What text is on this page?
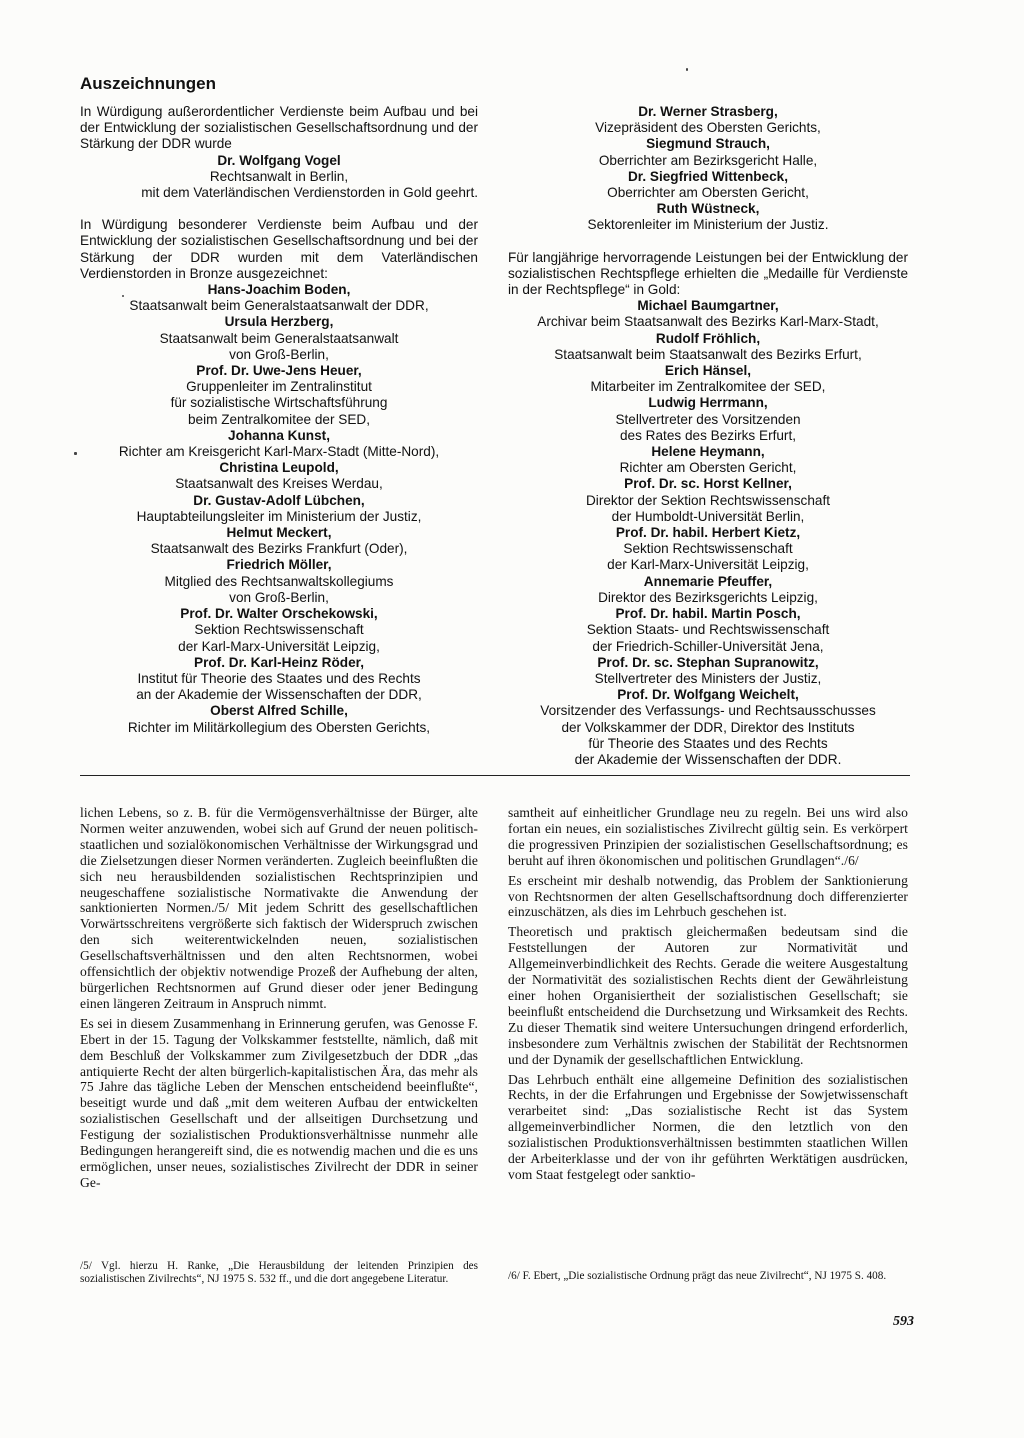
Auszeichnungen

In Würdigung außerordentlicher Verdienste beim Aufbau und bei der Entwicklung der sozialistischen Gesellschaftsordnung und der Stärkung der DDR wurde

Dr. Wolfgang Vogel

Rechtsanwalt in Berlin,

mit dem Vaterländischen Verdienstorden in Gold geehrt.

In Würdigung besonderer Verdienste beim Aufbau und der Entwicklung der sozialistischen Gesellschaftsordnung und bei der Stärkung der DDR wurden mit dem Vaterländischen Verdienstorden in Bronze ausgezeichnet:

Hans-Joachim Boden,

Staatsanwalt beim Generalstaatsanwalt der DDR,

Ursula Herzberg,

Staatsanwalt beim Generalstaatsanwalt

von Groß-Berlin,

Prof. Dr. Uwe-Jens Heuer,

Gruppenleiter im Zentralinstitut

für sozialistische Wirtschaftsführung

beim Zentralkomitee der SED,

Johanna Kunst,

Richter am Kreisgericht Karl-Marx-Stadt (Mitte-Nord),

Christina Leupold,

Staatsanwalt des Kreises Werdau,

Dr. Gustav-Adolf Lübchen,

Hauptabteilungsleiter im Ministerium der Justiz,

Helmut Meckert,

Staatsanwalt des Bezirks Frankfurt (Oder),

Friedrich Möller,

Mitglied des Rechtsanwaltskollegiums

von Groß-Berlin,

Prof. Dr. Walter Orschekowski,

Sektion Rechtswissenschaft

der Karl-Marx-Universität Leipzig,

Prof. Dr. Karl-Heinz Röder,

Institut für Theorie des Staates und des Rechts

an der Akademie der Wissenschaften der DDR,

Oberst Alfred Schille,

Richter im Militärkollegium des Obersten Gerichts,

Dr. Werner Strasberg,

Vizepräsident des Obersten Gerichts,

Siegmund Strauch,

Oberrichter am Bezirksgericht Halle,

Dr. Siegfried Wittenbeck,

Oberrichter am Obersten Gericht,

Ruth Wüstneck,

Sektorenleiter im Ministerium der Justiz.

Für langjährige hervorragende Leistungen bei der Entwicklung der sozialistischen Rechtspflege erhielten die „Medaille für Verdienste in der Rechtspflege“ in Gold:

Michael Baumgartner,

Archivar beim Staatsanwalt des Bezirks Karl-Marx-Stadt,

Rudolf Fröhlich,

Staatsanwalt beim Staatsanwalt des Bezirks Erfurt,

Erich Hänsel,

Mitarbeiter im Zentralkomitee der SED,

Ludwig Herrmann,

Stellvertreter des Vorsitzenden

des Rates des Bezirks Erfurt,

Helene Heymann,

Richter am Obersten Gericht,

Prof. Dr. sc. Horst Kellner,

Direktor der Sektion Rechtswissenschaft

der Humboldt-Universität Berlin,

Prof. Dr. habil. Herbert Kietz,

Sektion Rechtswissenschaft

der Karl-Marx-Universität Leipzig,

Annemarie Pfeuffer,

Direktor des Bezirksgerichts Leipzig,

Prof. Dr. habil. Martin Posch,

Sektion Staats- und Rechtswissenschaft

der Friedrich-Schiller-Universität Jena,

Prof. Dr. sc. Stephan Supranowitz,

Stellvertreter des Ministers der Justiz,

Prof. Dr. Wolfgang Weichelt,

Vorsitzender des Verfassungs- und Rechtsausschusses

der Volkskammer der DDR, Direktor des Instituts

für Theorie des Staates und des Rechts

der Akademie der Wissenschaften der DDR.

lichen Lebens, so z. B. für die Vermögensverhältnisse der Bürger, alte Normen weiter anzuwenden, wobei sich auf Grund der neuen politisch-staatlichen und sozialökonomischen Verhältnisse der Wirkungsgrad und die Zielsetzungen dieser Normen veränderten. Zugleich beeinflußten die sich neu herausbildenden sozialistischen Rechtsprinzipien und neugeschaffene sozialistische Normativakte die Anwendung der sanktionierten Normen./5/ Mit jedem Schritt des gesellschaftlichen Vorwärtsschreitens vergrößerte sich faktisch der Widerspruch zwischen den sich weiterentwickelnden neuen, sozialistischen Gesellschaftsverhältnissen und den alten Rechtsnormen, wobei offensichtlich der objektiv notwendige Prozeß der Aufhebung der alten, bürgerlichen Rechtsnormen auf Grund dieser oder jener Bedingung einen längeren Zeitraum in Anspruch nimmt.

Es sei in diesem Zusammenhang in Erinnerung gerufen, was Genosse F. Ebert in der 15. Tagung der Volkskammer feststellte, nämlich, daß mit dem Beschluß der Volkskammer zum Zivilgesetzbuch der DDR „das antiquierte Recht der alten bürgerlich-kapitalistischen Ära, das mehr als 75 Jahre das tägliche Leben der Menschen entscheidend beeinflußte“, beseitigt wurde und daß „mit dem weiteren Aufbau der entwickelten sozialistischen Gesellschaft und der allseitigen Durchsetzung und Festigung der sozialistischen Produktionsverhältnisse nunmehr alle Bedingungen herangereift sind, die es notwendig machen und die es uns ermöglichen, unser neues, sozialistisches Zivilrecht der DDR in seiner Ge-

samtheit auf einheitlicher Grundlage neu zu regeln. Bei uns wird also fortan ein neues, ein sozialistisches Zivilrecht gültig sein. Es verkörpert die progressiven Prinzipien der sozialistischen Gesellschaftsordnung; es beruht auf ihren ökonomischen und politischen Grundlagen“./6/

Es erscheint mir deshalb notwendig, das Problem der Sanktionierung von Rechtsnormen der alten Gesellschaftsordnung doch differenzierter einzuschätzen, als dies im Lehrbuch geschehen ist.

Theoretisch und praktisch gleichermaßen bedeutsam sind die Feststellungen der Autoren zur Normativität und Allgemeinverbindlichkeit des Rechts. Gerade die weitere Ausgestaltung der Normativität des sozialistischen Rechts dient der Gewährleistung einer hohen Organisiertheit der sozialistischen Gesellschaft; sie beeinflußt entscheidend die Durchsetzung und Wirksamkeit des Rechts. Zu dieser Thematik sind weitere Untersuchungen dringend erforderlich, insbesondere zum Verhältnis zwischen der Stabilität der Rechtsnormen und der Dynamik der gesellschaftlichen Entwicklung.

Das Lehrbuch enthält eine allgemeine Definition des sozialistischen Rechts, in der die Erfahrungen und Ergebnisse der Sowjetwissenschaft verarbeitet sind: „Das sozialistische Recht ist das System allgemeinverbindlicher Normen, die den letztlich von den sozialistischen Produktionsverhältnissen bestimmten staatlichen Willen der Arbeiterklasse und der von ihr geführten Werktätigen ausdrücken, vom Staat festgelegt oder sanktio-

/5/ Vgl. hierzu H. Ranke, „Die Herausbildung der leitenden Prinzipien des sozialistischen Zivilrechts“, NJ 1975 S. 532 ff., und die dort angegebene Literatur.	/6/ F. Ebert, „Die sozialistische Ordnung prägt das neue Zivilrecht“, NJ 1975 S. 408.

593
